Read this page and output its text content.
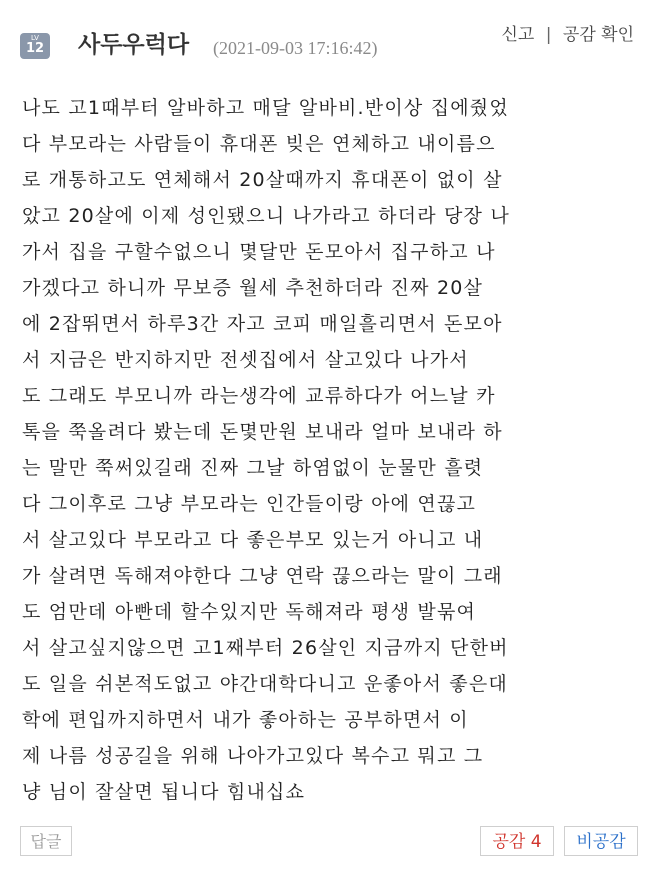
LV
12 사두우럭다 (2021-09-03 17:16:42)
신고 | 공감 확인
나도 고1때부터 알바하고 매달 알바비.반이상 집에줬었
다 부모라는 사람들이 휴대폰 빚은 연체하고 내이름으
로 개통하고도 연체해서 20살때까지 휴대폰이 없이 살
았고 20살에 이제 성인됐으니 나가라고 하더라 당장 나
가서 집을 구할수없으니 몇달만 돈모아서 집구하고 나
가겠다고 하니까 무보증 월세 추천하더라 진짜 20살
에 2잡뛰면서 하루3간 자고 코피 매일흘리면서 돈모아
서 지금은 반지하지만 전셋집에서 살고있다 나가서
도 그래도 부모니까 라는생각에 교류하다가 어느날 카
톡을 쭉올려다 봤는데 돈몇만원 보내라 얼마 보내라 하
는 말만 쭉써있길래 진짜 그날 하염없이 눈물만 흘렷
다 그이후로 그냥 부모라는 인간들이랑 아에 연끊고
서 살고있다 부모라고 다 좋은부모 있는거 아니고 내
가 살려면 독해져야한다 그냥 연락 끊으라는 말이 그래
도 엄만데 아빤데 할수있지만 독해져라 평생 발묶여
서 살고싶지않으면 고1째부터 26살인 지금까지 단한버
도 일을 쉬본적도없고 야간대학다니고 운좋아서 좋은대
학에 편입까지하면서 내가 좋아하는 공부하면서 이
제 나름 성공길을 위해 나아가고있다 복수고 뭐고 그
냥 님이 잘살면 됩니다 힘내십쇼
답글	공감 4	비공감
